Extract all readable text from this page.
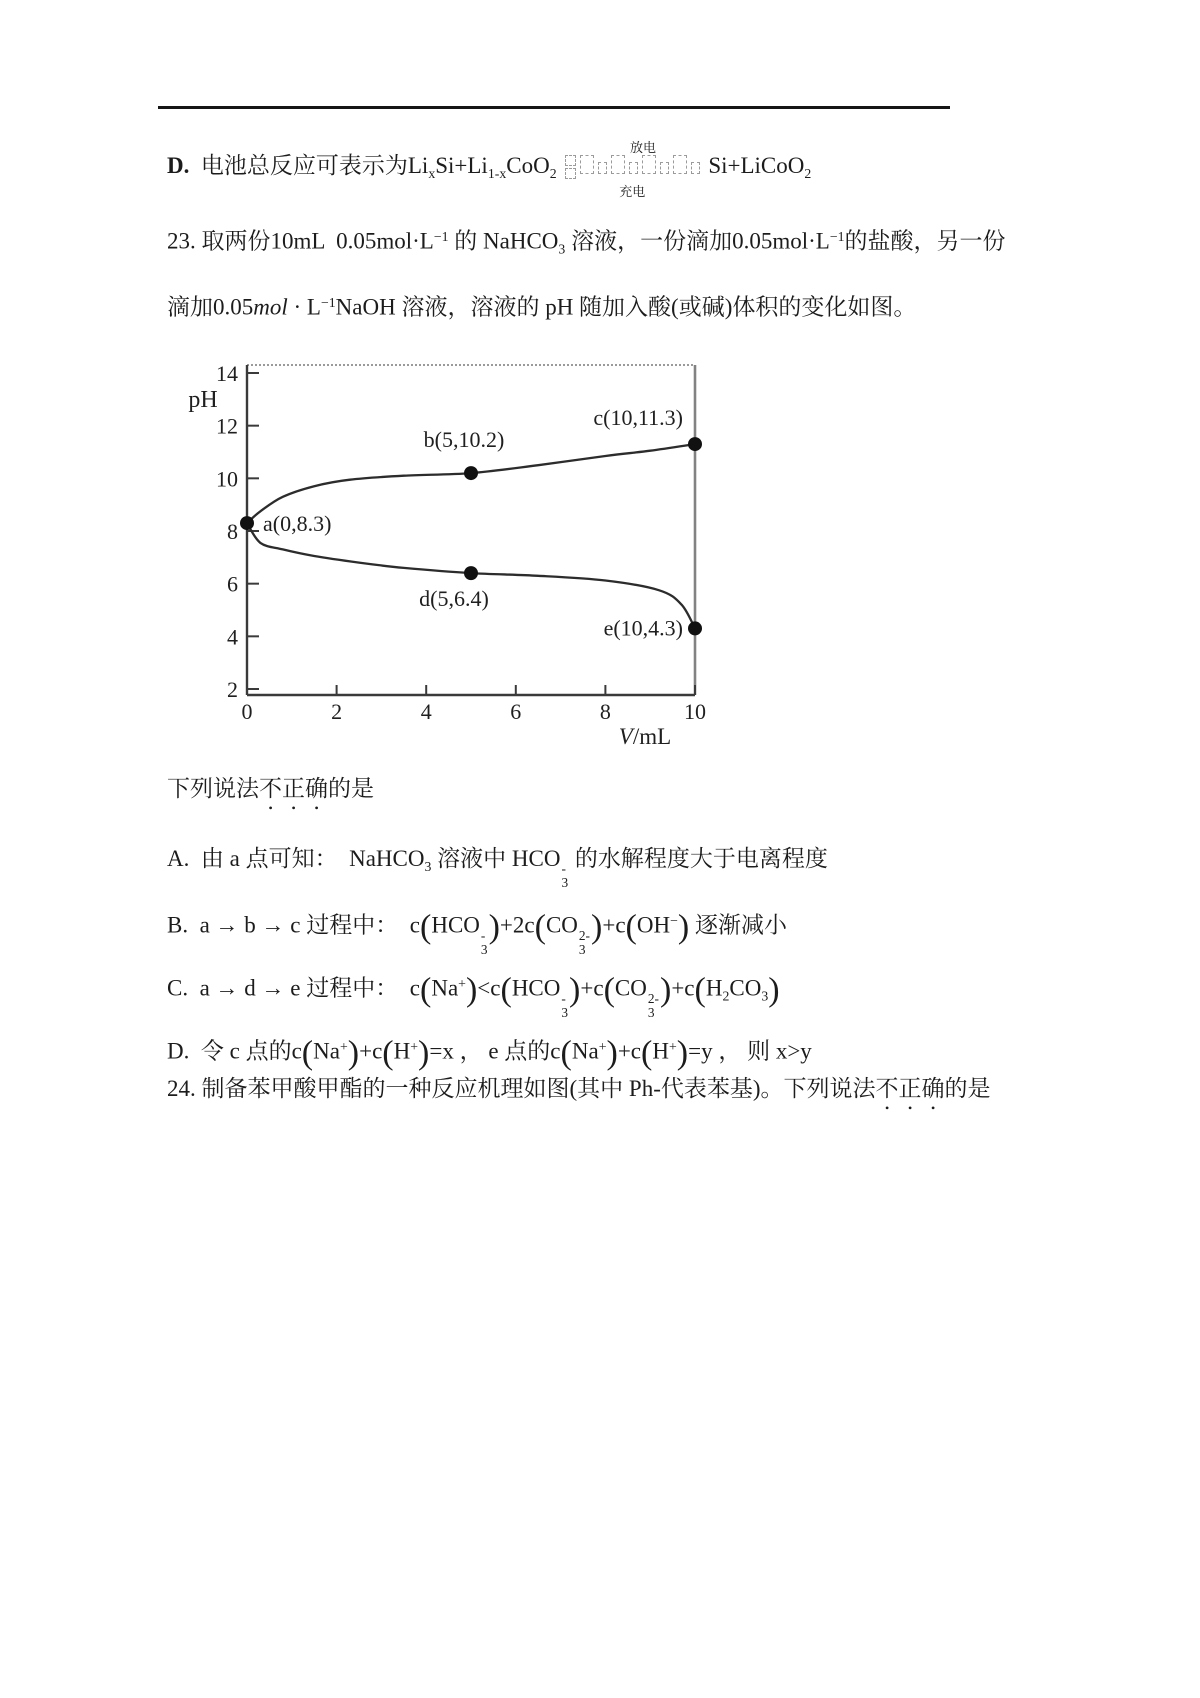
D.  电池总反应可表示为$Li_xSi+Li_{1-x}CoO_2$

放电

充电

Si+LiCoO$_2$
23. 取两份10mL  $0.05mol\cdot L^{-1}$ 的 NaHCO$_3$ 溶液，一份滴加$0.05mol\cdot L^{-1}$的盐酸，另一份
滴加$0.05mol \cdot L^{-1}NaOH$ 溶液，溶液的 pH 随加入酸(或碱)体积的变化如图。
2
4
6
8
10
12
14
0	2	4	6	8	10
pH
V/mL
a(0,8.3)
b(5,10.2)
c(10,11.3)
d(5,6.4)
e(10,4.3)
下列说法不正确的是
A.  由 a 点可知：  NaHCO$_3$ 溶液中 HCO -
3
的水解程度大于电离程度
B.  a → b → c 过程中：  c(HCO -
3
)+2c(CO 2-
3
)+c(OH−) 逐渐减小
C.  a → d → e 过程中：  c(Na+)<c(HCO -
3
)+c(CO 2-
3
)$+c(H_2CO_3)$
D.  令 c 点的c(Na+)+c(H+)=x ， e 点的c(Na+)+c(H+)=y ， 则 x>y
24. 制备苯甲酸甲酯的一种反应机理如图(其中 Ph-代表苯基)。下列说法不正确的是
